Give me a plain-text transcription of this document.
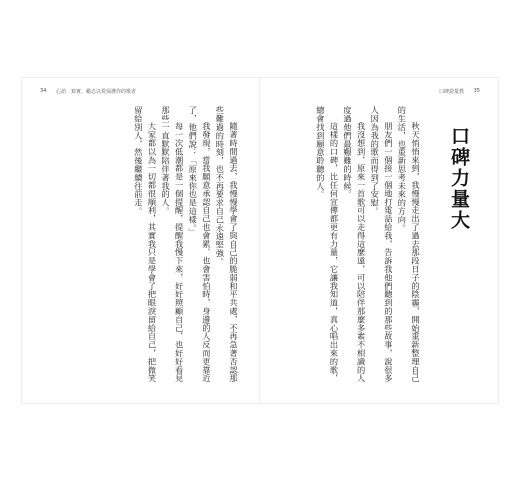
34 心語　寫實、勵志以愛保護你的歌者

隨著時間過去，我慢慢學會了與自己的脆弱和平共處，不再急著否認那些難過的時刻，也不再要求自己永遠堅強。

我發現，當我願意承認自己也會累、也會害怕時，身邊的人反而更靠近了，他們說：「原來你也是這樣。」

每一次低潮都是一個提醒，提醒我慢下來，好好照顧自己，也好好看見那些一直默默陪伴著我的人。

大家都以為一切都很順利，其實我只是學會了把眼淚留給自己，把微笑留給別人，然後繼續往前走。

口碑證量教 35
口碑力量大

秋天悄悄來到，我慢慢走出了過去那段日子的陰霾，開始重新整理自己的生活，也重新思考未來的方向。

朋友們一個接一個地打電話給我，告訴我他們聽到的那些故事，說很多人因為我的歌而得到了安慰。

我沒想到，原來一首歌可以走得這麼遠，可以陪伴那麼多素不相識的人度過他們最艱難的時候。

這樣的口碑，比任何宣傳都更有力量，它讓我知道，真心唱出來的歌，總會找到願意聆聽的人。
